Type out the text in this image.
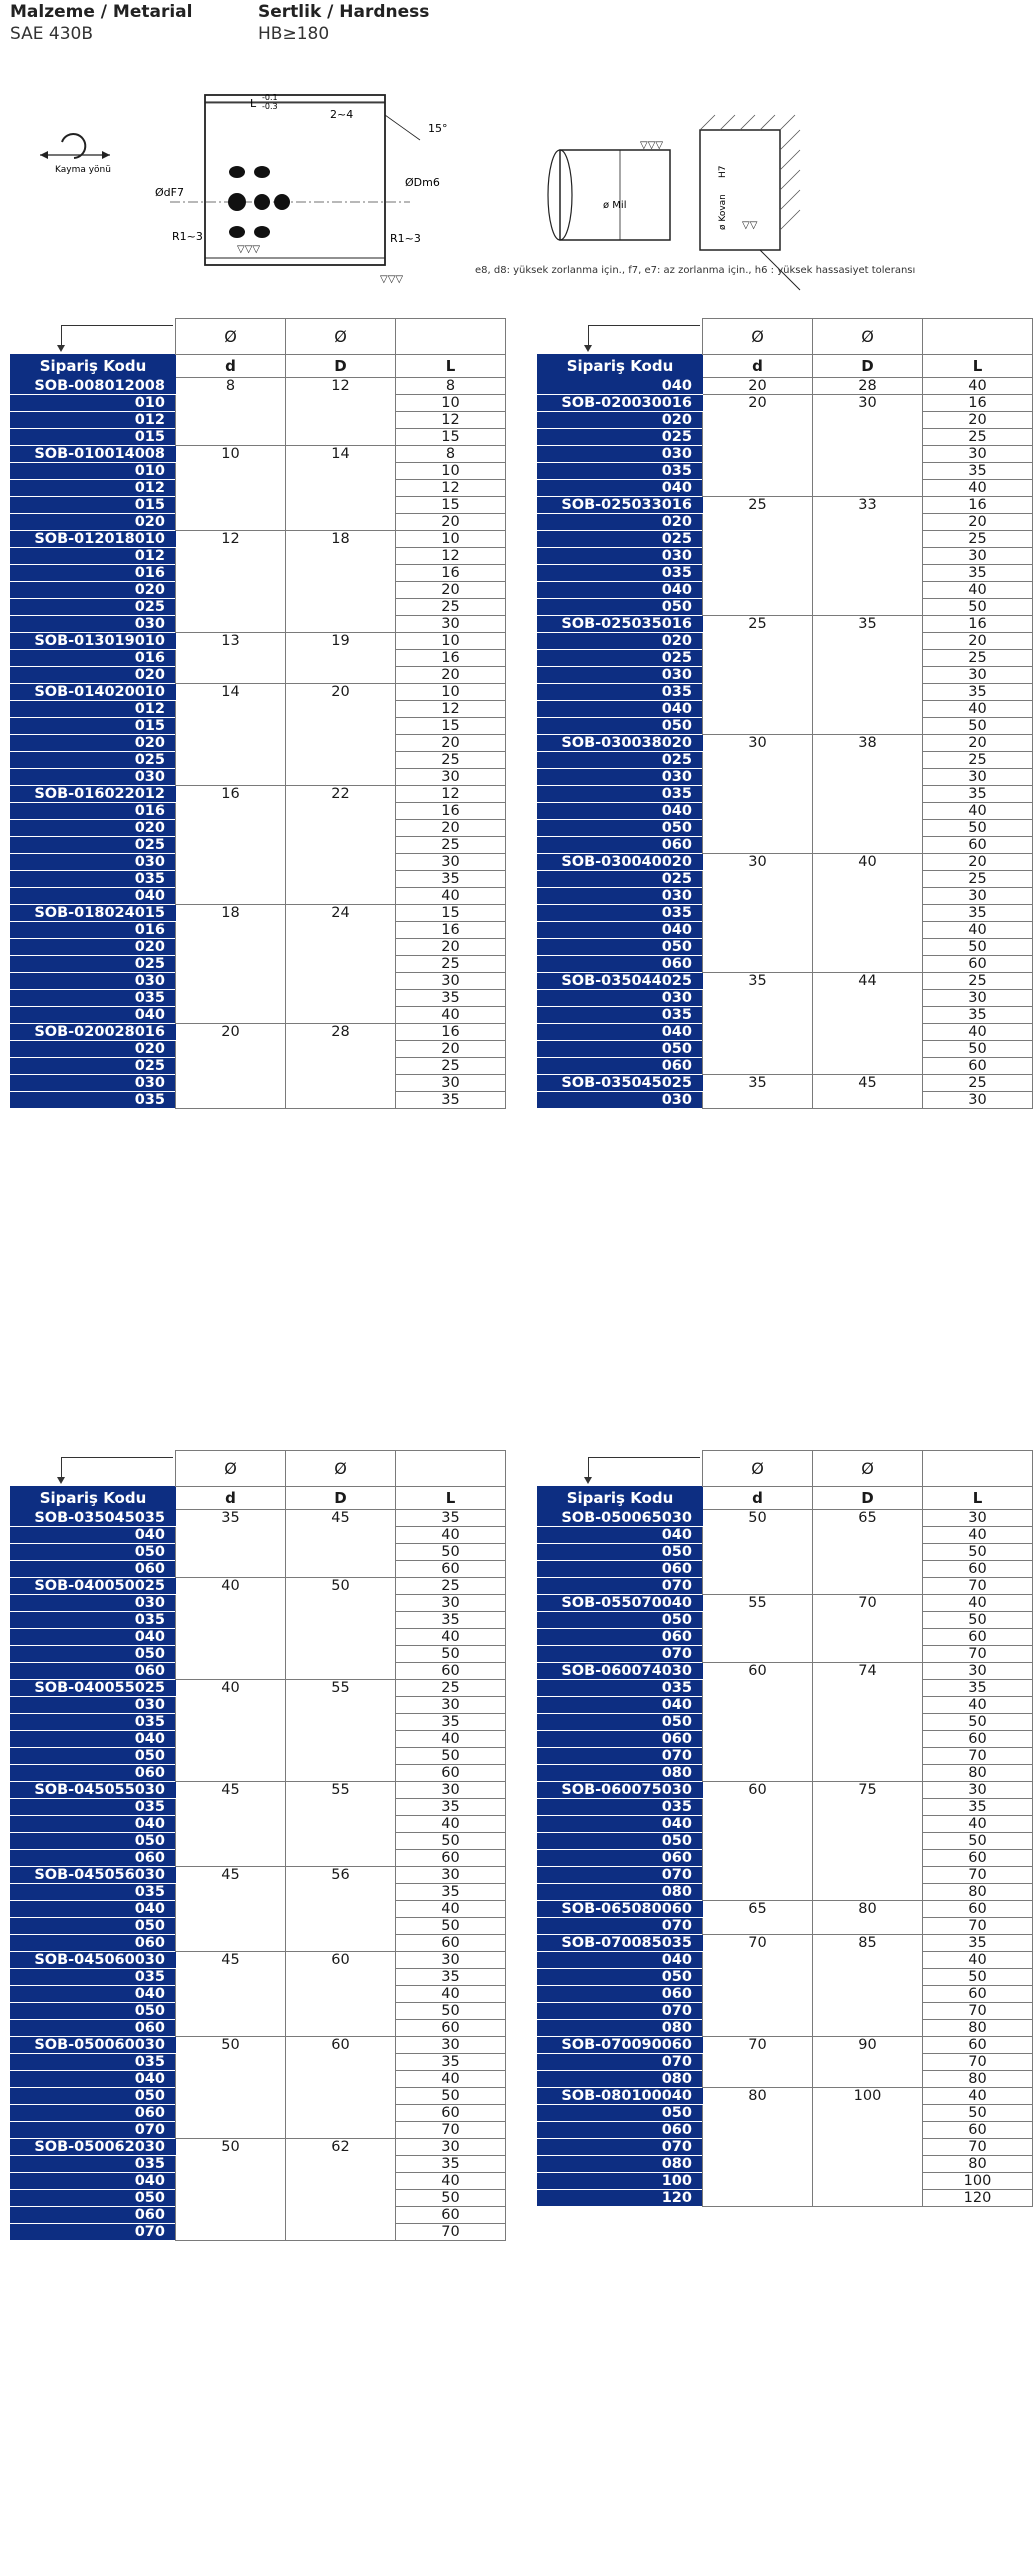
Malzeme / Metarial
SAE 430B
Sertlik / Hardness
HB≥180
Kayma yönü
L -0.1
-0.3
2~4
15°
ØdF7
ØDm6
R1~3	R1~3
▽▽▽
▽▽▽
ø Mil
▽▽▽
ø Kovan
H7
▽▽
e8, d8: yüksek zorlanma için., f7, e7: az zorlanma için., h6 : yüksek hassasiyet toleransı
	Ø	Ø	
Sipariş Kodu	d	D	L
SOB-008012008	8	12	8
010			10
012			12
015			15
SOB-010014008	10	14	8
010			10
012			12
015			15
020			20
SOB-012018010	12	18	10
012			12
016			16
020			20
025			25
030			30
SOB-013019010	13	19	10
016			16
020			20
SOB-014020010	14	20	10
012			12
015			15
020			20
025			25
030			30
SOB-016022012	16	22	12
016			16
020			20
025			25
030			30
035			35
040			40
SOB-018024015	18	24	15
016			16
020			20
025			25
030			30
035			35
040			40
SOB-020028016	20	28	16
020			20
025			25
030			30
035			35
	Ø	Ø	
Sipariş Kodu	d	D	L
040	20	28	40
SOB-020030016	20	30	16
020			20
025			25
030			30
035			35
040			40
SOB-025033016	25	33	16
020			20
025			25
030			30
035			35
040			40
050			50
SOB-025035016	25	35	16
020			20
025			25
030			30
035			35
040			40
050			50
SOB-030038020	30	38	20
025			25
030			30
035			35
040			40
050			50
060			60
SOB-030040020	30	40	20
025			25
030			30
035			35
040			40
050			50
060			60
SOB-035044025	35	44	25
030			30
035			35
040			40
050			50
060			60
SOB-035045025	35	45	25
030			30
	Ø	Ø	
Sipariş Kodu	d	D	L
SOB-035045035	35	45	35
040			40
050			50
060			60
SOB-040050025	40	50	25
030			30
035			35
040			40
050			50
060			60
SOB-040055025	40	55	25
030			30
035			35
040			40
050			50
060			60
SOB-045055030	45	55	30
035			35
040			40
050			50
060			60
SOB-045056030	45	56	30
035			35
040			40
050			50
060			60
SOB-045060030	45	60	30
035			35
040			40
050			50
060			60
SOB-050060030	50	60	30
035			35
040			40
050			50
060			60
070			70
SOB-050062030	50	62	30
035			35
040			40
050			50
060			60
070			70
	Ø	Ø	
Sipariş Kodu	d	D	L
SOB-050065030	50	65	30
040			40
050			50
060			60
070			70
SOB-055070040	55	70	40
050			50
060			60
070			70
SOB-060074030	60	74	30
035			35
040			40
050			50
060			60
070			70
080			80
SOB-060075030	60	75	30
035			35
040			40
050			50
060			60
070			70
080			80
SOB-065080060	65	80	60
070			70
SOB-070085035	70	85	35
040			40
050			50
060			60
070			70
080			80
SOB-070090060	70	90	60
070			70
080			80
SOB-080100040	80	100	40
050			50
060			60
070			70
080			80
100			100
120			120
